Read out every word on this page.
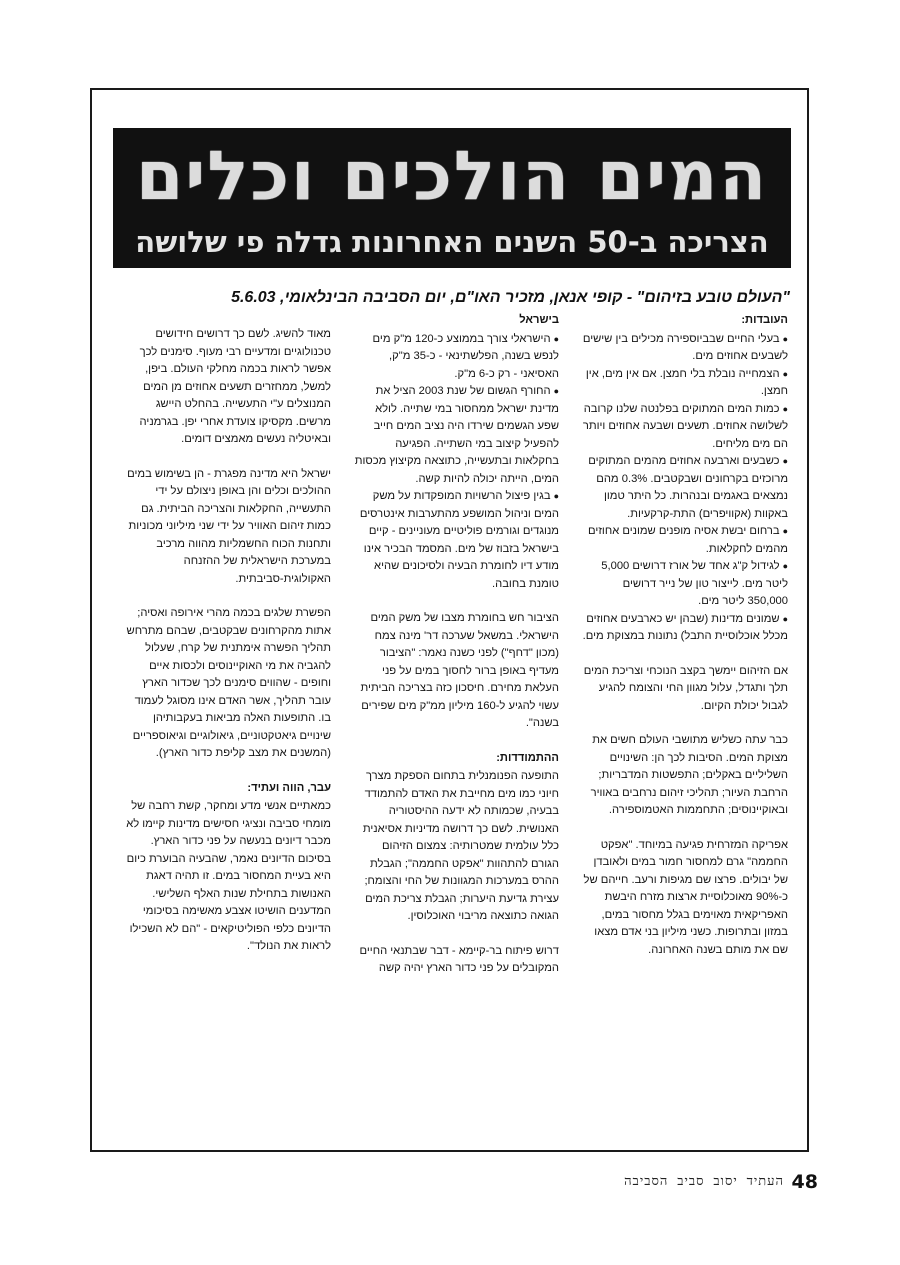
המים הולכים וכלים
הצריכה ב-50 השנים האחרונות גדלה פי שלושה
"העולם טובע בזיהום" - קופי אנאן, מזכיר האו"ם, יום הסביבה הבינלאומי, 5.6.03
העובדות:
●בעלי החיים שבביוספירה מכילים בין שישים לשבעים אחוזים מים.
●הצמחייה נובלת בלי חמצן. אם אין מים, אין חמצן.
●כמות המים המתוקים בפלנטה שלנו קרובה לשלושה אחוזים. תשעים ושבעה אחוזים ויותר הם מים מליחים.
●כשבעים וארבעה אחוזים מהמים המתוקים מרוכזים בקרחונים ושבקטבים. 0.3% מהם נמצאים באגמים ובנהרות. כל היתר טמון באקוות (אקוויפרים) התת-קרקעיות.
●ברחום יבשת אסיה מופנים שמונים אחוזים מהמים לחקלאות.
●לגידול ק"ג אחד של אורז דרושים 5,000 ליטר מים. לייצור טון של נייר דרושים 350,000 ליטר מים.
●שמונים מדינות (שבהן יש כארבעים אחוזים מכלל אוכלוסיית התבל) נתונות במצוקת מים.

אם הזיהום יימשך בקצב הנוכחי וצריכת המים תלך ותגדל, עלול מגוון החי והצומח להגיע לגבול יכולת הקיום.

כבר עתה כשליש מתושבי העולם חשים את מצוקת המים. הסיבות לכך הן: השינויים השליליים באקלים; התפשטות המדבריות; הרחבת העיור; תהליכי זיהום נרחבים באוויר ובאוקיינוסים; התחממות האטמוספירה.

אפריקה המזרחית פגיעה במיוחד. "אפקט החממה" גרם למחסור חמור במים ולאובדן של יבולים. פרצו שם מגיפות ורעב. חייהם של כ-90% מאוכלוסיית ארצות מזרח היבשת האפריקאית מאוימים בגלל מחסור במים, במזון ובתרופות. כשני מיליון בני אדם מצאו שם את מותם בשנה האחרונה.

בישראל
●הישראלי צורך בממוצע כ-120 מ"ק מים לנפש בשנה, הפלשתינאי - כ-35 מ"ק, האסיאני - רק כ-6 מ"ק.
●החורף הגשום של שנת 2003 הציל את מדינת ישראל ממחסור במי שתייה. לולא שפע הגשמים שירדו היה נציב המים חייב להפעיל קיצוב במי השתייה. הפגיעה בחקלאות ובתעשייה, כתוצאה מקיצוץ מכסות המים, הייתה יכולה להיות קשה.
●בגין פיצול הרשויות המופקדות על משק המים וניהול המושפע מהתערבות אינטרסים מנוגדים וגורמים פוליטיים מעוניינים - קיים בישראל בזבוז של מים. המסמד הבכיר אינו מודע דיו לחומרת הבעיה ולסיכונים שהיא טומנת בחובה.

הציבור חש בחומרת מצבו של משק המים הישראלי. במשאל שערכה דר' מינה צמח (מכון "דחף") לפני כשנה נאמר: "הציבור מעדיף באופן ברור לחסוך במים על פני העלאת מחירם. חיסכון כזה בצריכה הביתית עשוי להגיע ל-160 מיליון ממ"ק מים שפירים בשנה".

ההתמודדות:

התופעה הפנומנלית בתחום הספקת מצרך חיוני כמו מים מחייבת את האדם להתמודד בבעיה, שכמותה לא ידעה ההיסטוריה האנושית. לשם כך דרושה מדיניות אסיאנית כלל עולמית שמטרותיה: צמצום הזיהום הגורם להתהוות "אפקט החממה"; הגבלת ההרס במערכות המגוונות של החי והצומח; עצירת גדיעת היערות; הגבלת צריכת המים הגואה כתוצאה מריבוי האוכלוסין.

דרוש פיתוח בר-קיימא - דבר שבתנאי החיים המקובלים על פני כדור הארץ יהיה קשה

מאוד להשיג. לשם כך דרושים חידושים טכנולוגיים ומדעיים רבי מעוף. סימנים לכך אפשר לראות בכמה מחלקי העולם. ביפן, למשל, ממחזרים תשעים אחוזים מן המים המנוצלים ע"י התעשייה. בהחלט היישג מרשים. מקסיקו צועדת אחרי יפן. בגרמניה ובאיטליה נעשים מאמצים דומים.

ישראל היא מדינה מפגרת - הן בשימוש במים ההולכים וכלים והן באופן ניצולם על ידי התעשייה, החקלאות והצריכה הביתית. גם כמות זיהום האוויר על ידי שני מיליוני מכוניות ותחנות הכוח החשמליות מהווה מרכיב במערכת הישראלית של ההזנחה האקולוגית-סביבתית.

הפשרת שלגים בכמה מהרי אירופה ואסיה; אתות מהקרחונים שבקטבים, שבהם מתרחש תהליך הפשרה אימתנית של קרח, שעלול להגביה את מי האוקיינוסים ולכסות איים וחופים - שהווים סימנים לכך שכדור הארץ עובר תהליך, אשר האדם אינו מסוגל לעמוד בו. התופעות האלה מביאות בעקבותיהן שינויים גיאטקטוניים, גיאולוגיים וגיאוספריים (המשנים את מצב קליפת כדור הארץ).

עבר, הווה ועתיד:

כמאתיים אנשי מדע ומחקר, קשת רחבה של מומחי סביבה ונציגי חסישים מדינות קיימו לא מכבר דיונים בנעשה על פני כדור הארץ. בסיכום הדיונים נאמר, שהבעיה הבוערת כיום היא בעיית המחסור במים. זו תהיה דאגת האנושות בתחילת שנות האלף השלישי. המדענים הושיטו אצבע מאשימה בסיכומי הדיונים כלפי הפוליטיקאים - "הם לא השכילו לראות את הנולד".

העתיד יסוב סביב הסביבה 48
